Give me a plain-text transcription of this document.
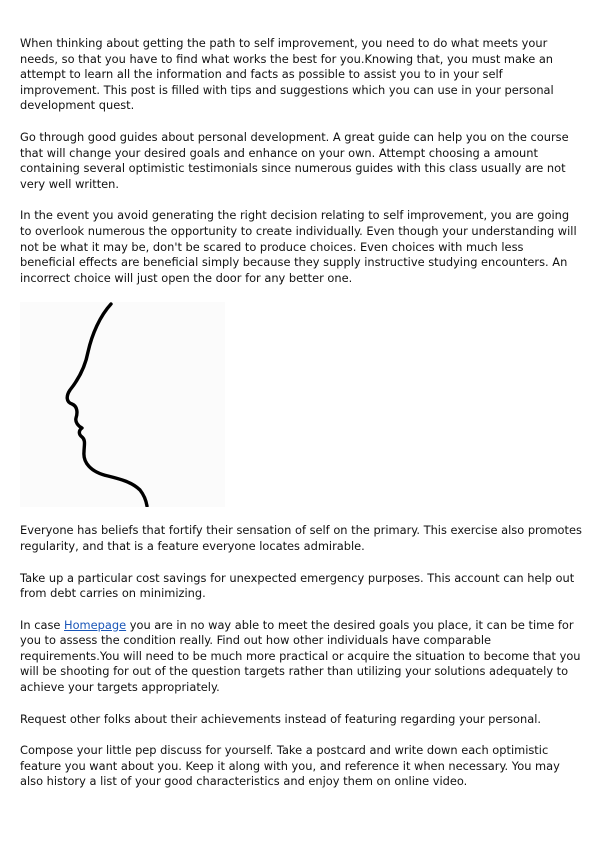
When thinking about getting the path to self improvement, you need to do what meets your needs, so that you have to find what works the best for you.Knowing that, you must make an attempt to learn all the information and facts as possible to assist you to in your self improvement. This post is filled with tips and suggestions which you can use in your personal development quest.

Go through good guides about personal development. A great guide can help you on the course that will change your desired goals and enhance on your own. Attempt choosing a amount containing several optimistic testimonials since numerous guides with this class usually are not very well written.

In the event you avoid generating the right decision relating to self improvement, you are going to overlook numerous the opportunity to create individually. Even though your understanding will not be what it may be, don't be scared to produce choices. Even choices with much less beneficial effects are beneficial simply because they supply instructive studying encounters. An incorrect choice will just open the door for any better one.

Everyone has beliefs that fortify their sensation of self on the primary. This exercise also promotes regularity, and that is a feature everyone locates admirable.

Take up a particular cost savings for unexpected emergency purposes. This account can help out from debt carries on minimizing.

In case Homepage you are in no way able to meet the desired goals you place, it can be time for you to assess the condition really. Find out how other individuals have comparable requirements.You will need to be much more practical or acquire the situation to become that you will be shooting for out of the question targets rather than utilizing your solutions adequately to achieve your targets appropriately.

Request other folks about their achievements instead of featuring regarding your personal.

Compose your little pep discuss for yourself. Take a postcard and write down each optimistic feature you want about you. Keep it along with you, and reference it when necessary. You may also history a list of your good characteristics and enjoy them on online video.
